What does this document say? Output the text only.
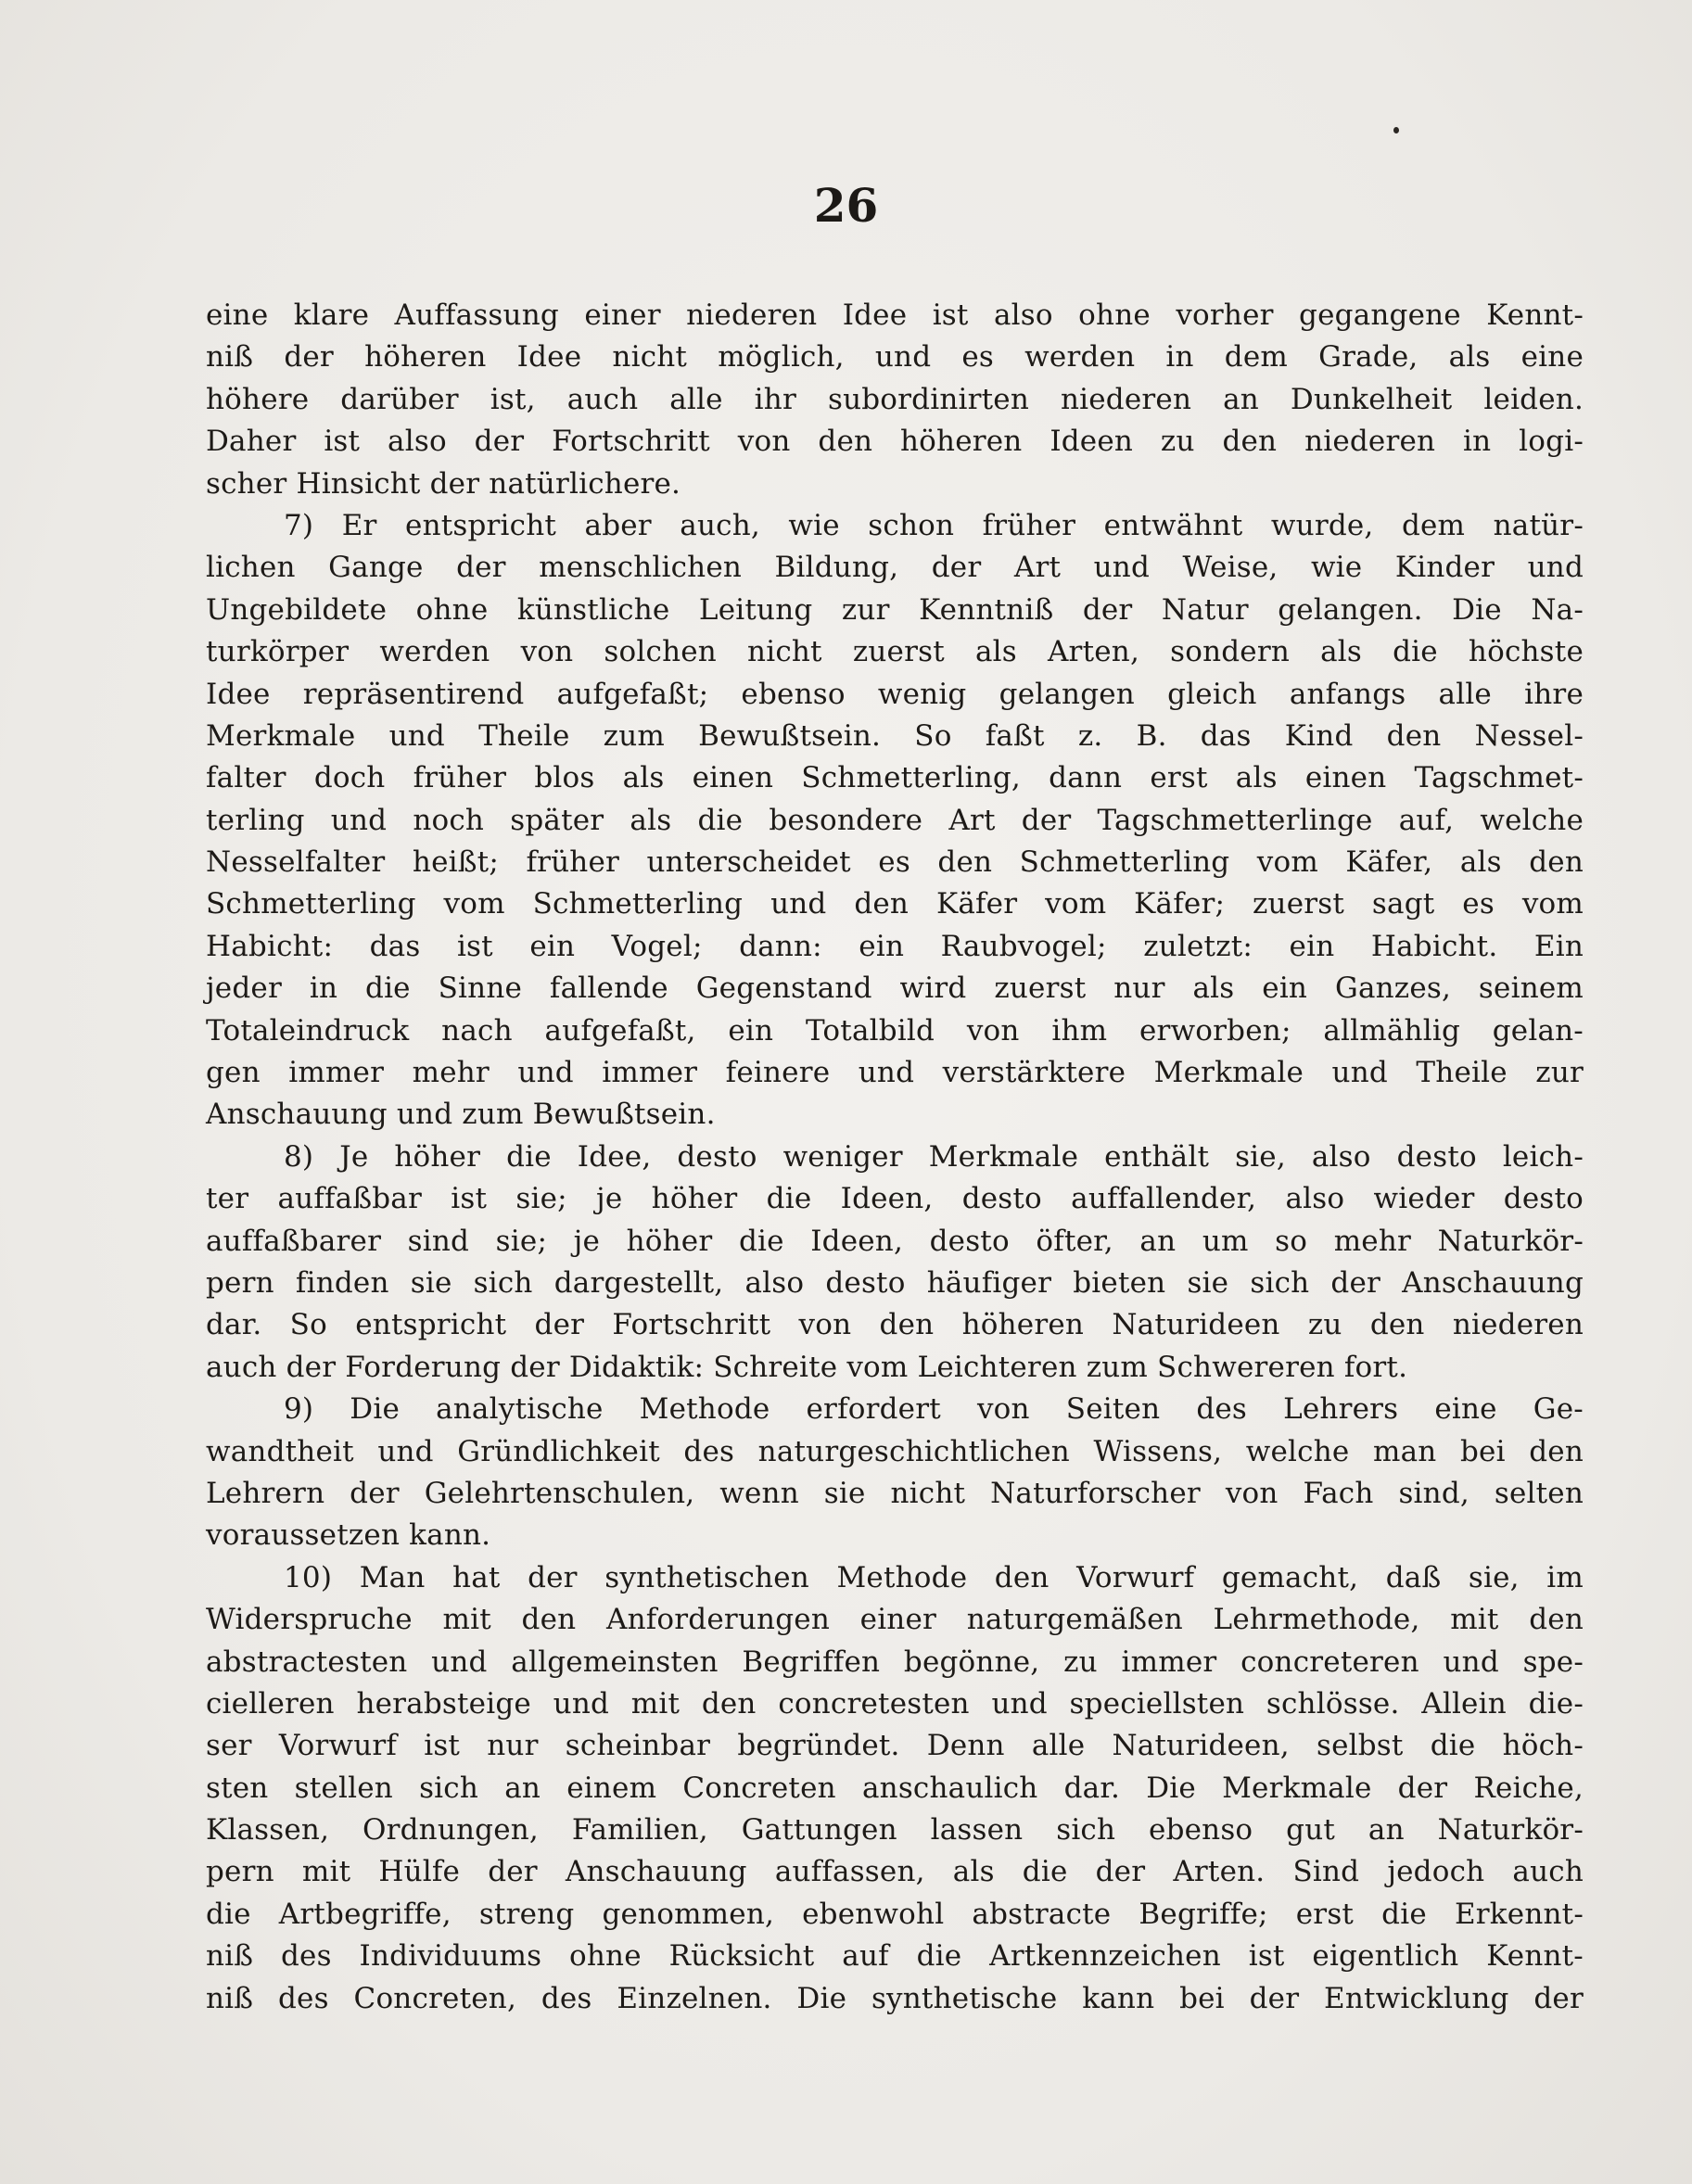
26
eine klare Auffassung einer niederen Idee ist also ohne vorher gegangene Kennt-
niß der höheren Idee nicht möglich, und es werden in dem Grade, als eine
höhere darüber ist, auch alle ihr subordinirten niederen an Dunkelheit leiden.
Daher ist also der Fortschritt von den höheren Ideen zu den niederen in logi-
scher Hinsicht der natürlichere.
7) Er entspricht aber auch, wie schon früher entwähnt wurde, dem natür-
lichen Gange der menschlichen Bildung, der Art und Weise, wie Kinder und
Ungebildete ohne künstliche Leitung zur Kenntniß der Natur gelangen. Die Na-
turkörper werden von solchen nicht zuerst als Arten, sondern als die höchste
Idee repräsentirend aufgefaßt; ebenso wenig gelangen gleich anfangs alle ihre
Merkmale und Theile zum Bewußtsein. So faßt z. B. das Kind den Nessel-
falter doch früher blos als einen Schmetterling, dann erst als einen Tagschmet-
terling und noch später als die besondere Art der Tagschmetterlinge auf, welche
Nesselfalter heißt; früher unterscheidet es den Schmetterling vom Käfer, als den
Schmetterling vom Schmetterling und den Käfer vom Käfer; zuerst sagt es vom
Habicht: das ist ein Vogel; dann: ein Raubvogel; zuletzt: ein Habicht. Ein
jeder in die Sinne fallende Gegenstand wird zuerst nur als ein Ganzes, seinem
Totaleindruck nach aufgefaßt, ein Totalbild von ihm erworben; allmählig gelan-
gen immer mehr und immer feinere und verstärktere Merkmale und Theile zur
Anschauung und zum Bewußtsein.
8) Je höher die Idee, desto weniger Merkmale enthält sie, also desto leich-
ter auffaßbar ist sie; je höher die Ideen, desto auffallender, also wieder desto
auffaßbarer sind sie; je höher die Ideen, desto öfter, an um so mehr Naturkör-
pern finden sie sich dargestellt, also desto häufiger bieten sie sich der Anschauung
dar. So entspricht der Fortschritt von den höheren Naturideen zu den niederen
auch der Forderung der Didaktik: Schreite vom Leichteren zum Schwereren fort.
9) Die analytische Methode erfordert von Seiten des Lehrers eine Ge-
wandtheit und Gründlichkeit des naturgeschichtlichen Wissens, welche man bei den
Lehrern der Gelehrtenschulen, wenn sie nicht Naturforscher von Fach sind, selten
voraussetzen kann.
10) Man hat der synthetischen Methode den Vorwurf gemacht, daß sie, im
Widerspruche mit den Anforderungen einer naturgemäßen Lehrmethode, mit den
abstractesten und allgemeinsten Begriffen begönne, zu immer concreteren und spe-
cielleren herabsteige und mit den concretesten und speciellsten schlösse. Allein die-
ser Vorwurf ist nur scheinbar begründet. Denn alle Naturideen, selbst die höch-
sten stellen sich an einem Concreten anschaulich dar. Die Merkmale der Reiche,
Klassen, Ordnungen, Familien, Gattungen lassen sich ebenso gut an Naturkör-
pern mit Hülfe der Anschauung auffassen, als die der Arten. Sind jedoch auch
die Artbegriffe, streng genommen, ebenwohl abstracte Begriffe; erst die Erkennt-
niß des Individuums ohne Rücksicht auf die Artkennzeichen ist eigentlich Kennt-
niß des Concreten, des Einzelnen. Die synthetische kann bei der Entwicklung der
